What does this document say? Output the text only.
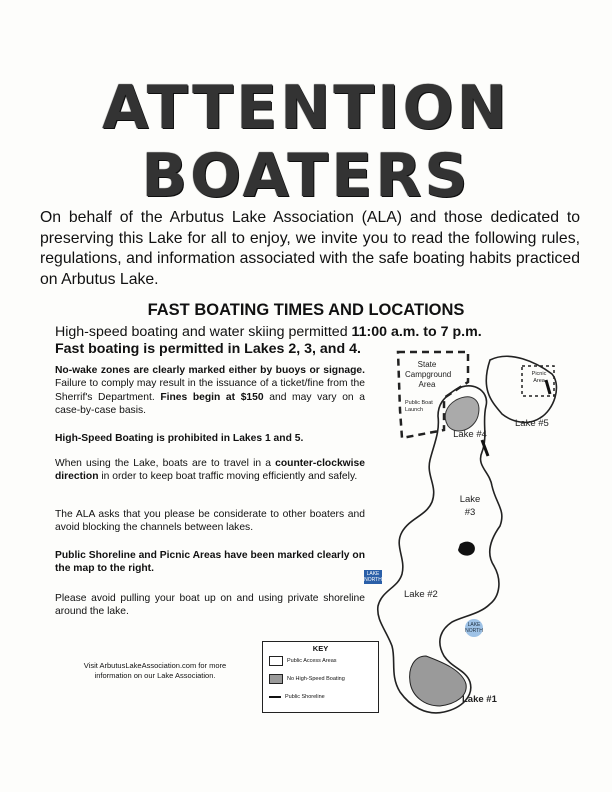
ATTENTION
BOATERS
On behalf of the Arbutus Lake Association (ALA) and those dedicated to preserving this Lake for all to enjoy, we invite you to read the following rules, regulations, and information associated with the safe boating habits practiced on Arbutus Lake.
FAST BOATING TIMES AND LOCATIONS
High-speed boating and water skiing permitted 11:00 a.m. to 7 p.m.
Fast boating is permitted in Lakes 2, 3, and 4.
No-wake zones are clearly marked either by buoys or signage. Failure to comply may result in the issuance of a ticket/fine from the Sherrif's Department. Fines begin at $150 and may vary on a case-by-case basis.
High-Speed Boating is prohibited in Lakes 1 and 5.
When using the Lake, boats are to travel in a counter-clockwise direction in order to keep boat traffic moving efficiently and safely.
The ALA asks that you please be considerate to other boaters and avoid blocking the channels between lakes.
Public Shoreline and Picnic Areas have been marked clearly on the map to the right.
Please avoid pulling your boat up on and using private shoreline around the lake.
Visit ArbutusLakeAssociation.com for more information on our Lake Association.
State Campground Area
Public Boat Launch
Picnic Area
Lake #4
Lake #5
Lake #3
Lake #2
Lake #1
LAKE NORTH
LAKE NORTH
KEY
Public Access Areas
No High-Speed Boating
Public Shoreline
